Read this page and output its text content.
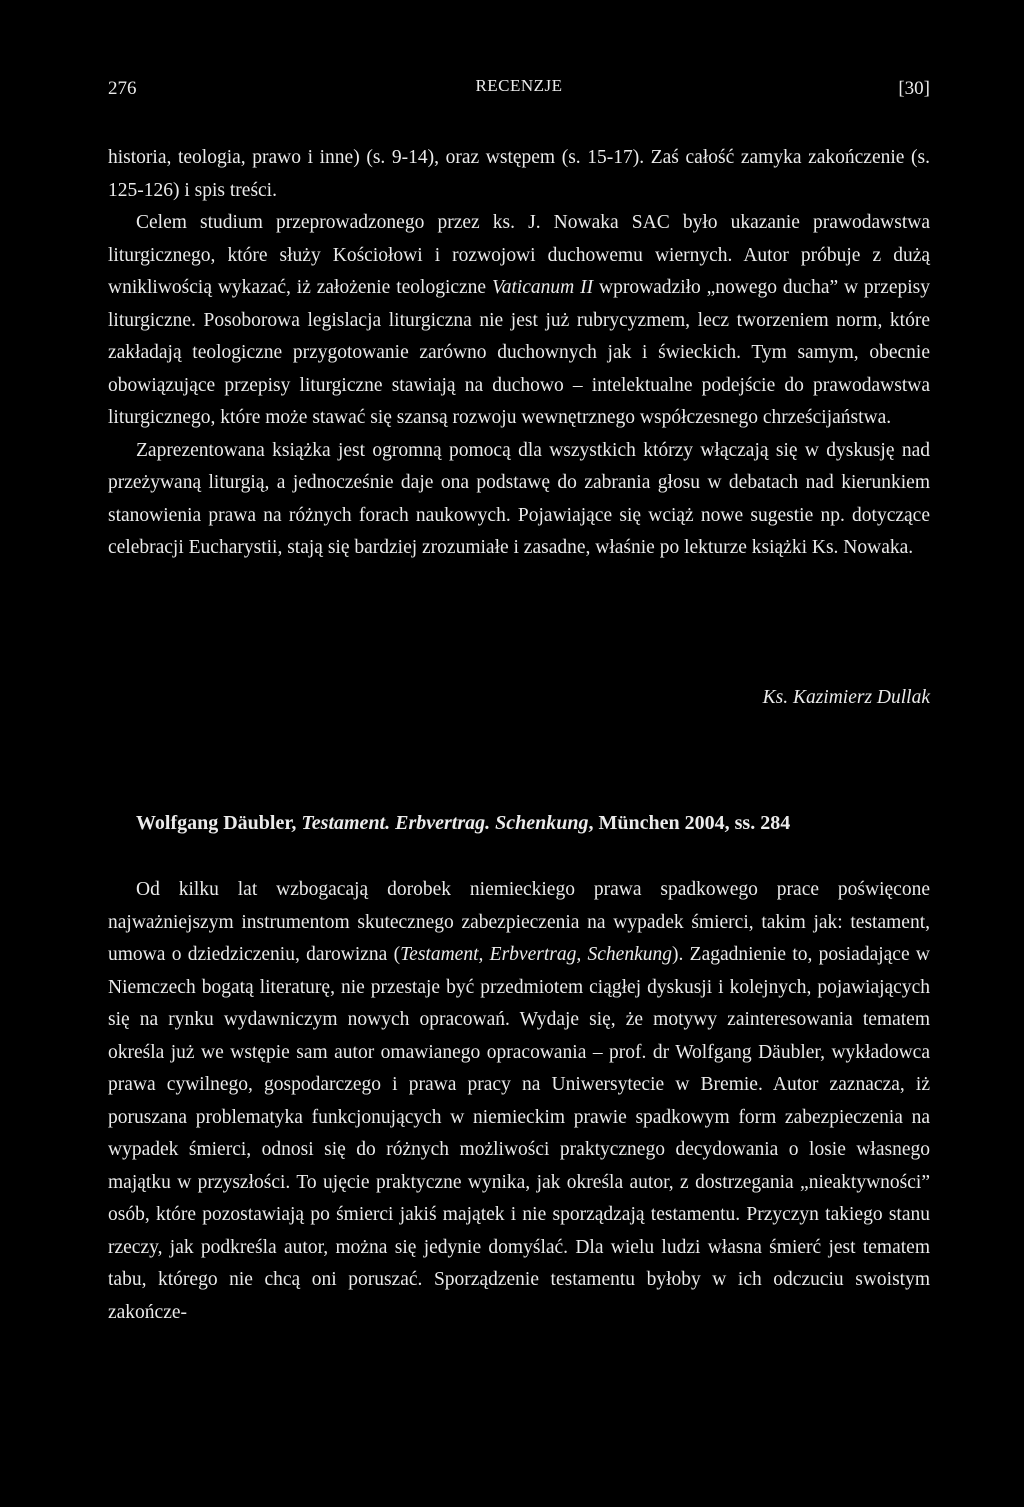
276	RECENZJE	[30]

historia, teologia, prawo i inne) (s. 9-14), oraz wstępem (s. 15-17). Zaś całość zamyka zakończenie (s. 125-126) i spis treści.

Celem studium przeprowadzonego przez ks. J. Nowaka SAC było ukazanie prawodawstwa liturgicznego, które służy Kościołowi i rozwojowi duchowemu wiernych. Autor próbuje z dużą wnikliwością wykazać, iż założenie teologiczne Vaticanum II wprowadziło „nowego ducha” w przepisy liturgiczne. Posoborowa legislacja liturgiczna nie jest już rubrycyzmem, lecz tworzeniem norm, które zakładają teologiczne przygotowanie zarówno duchownych jak i świeckich. Tym samym, obecnie obowiązujące przepisy liturgiczne stawiają na duchowo – intelektualne podejście do prawodawstwa liturgicznego, które może stawać się szansą rozwoju wewnętrznego współczesnego chrześcijaństwa.

Zaprezentowana książka jest ogromną pomocą dla wszystkich którzy włączają się w dyskusję nad przeżywaną liturgią, a jednocześnie daje ona podstawę do zabrania głosu w debatach nad kierunkiem stanowienia prawa na różnych forach naukowych. Pojawiające się wciąż nowe sugestie np. dotyczące celebracji Eucharystii, stają się bardziej zrozumiałe i zasadne, właśnie po lekturze książki Ks. Nowaka.

Ks. Kazimierz Dullak
Wolfgang Däubler, Testament. Erbvertrag. Schenkung, München 2004, ss. 284

Od kilku lat wzbogacają dorobek niemieckiego prawa spadkowego prace poświęcone najważniejszym instrumentom skutecznego zabezpieczenia na wypadek śmierci, takim jak: testament, umowa o dziedziczeniu, darowizna (Testament, Erbvertrag, Schenkung). Zagadnienie to, posiadające w Niemczech bogatą literaturę, nie przestaje być przedmiotem ciągłej dyskusji i kolejnych, pojawiających się na rynku wydawniczym nowych opracowań. Wydaje się, że motywy zainteresowania tematem określa już we wstępie sam autor omawianego opracowania – prof. dr Wolfgang Däubler, wykładowca prawa cywilnego, gospodarczego i prawa pracy na Uniwersytecie w Bremie. Autor zaznacza, iż poruszana problematyka funkcjonujących w niemieckim prawie spadkowym form zabezpieczenia na wypadek śmierci, odnosi się do różnych możliwości praktycznego decydowania o losie własnego majątku w przyszłości. To ujęcie praktyczne wynika, jak określa autor, z dostrzegania „nieaktywności” osób, które pozostawiają po śmierci jakiś majątek i nie sporządzają testamentu. Przyczyn takiego stanu rzeczy, jak podkreśla autor, można się jedynie domyślać. Dla wielu ludzi własna śmierć jest tematem tabu, którego nie chcą oni poruszać. Sporządzenie testamentu byłoby w ich odczuciu swoistym zakończe-
